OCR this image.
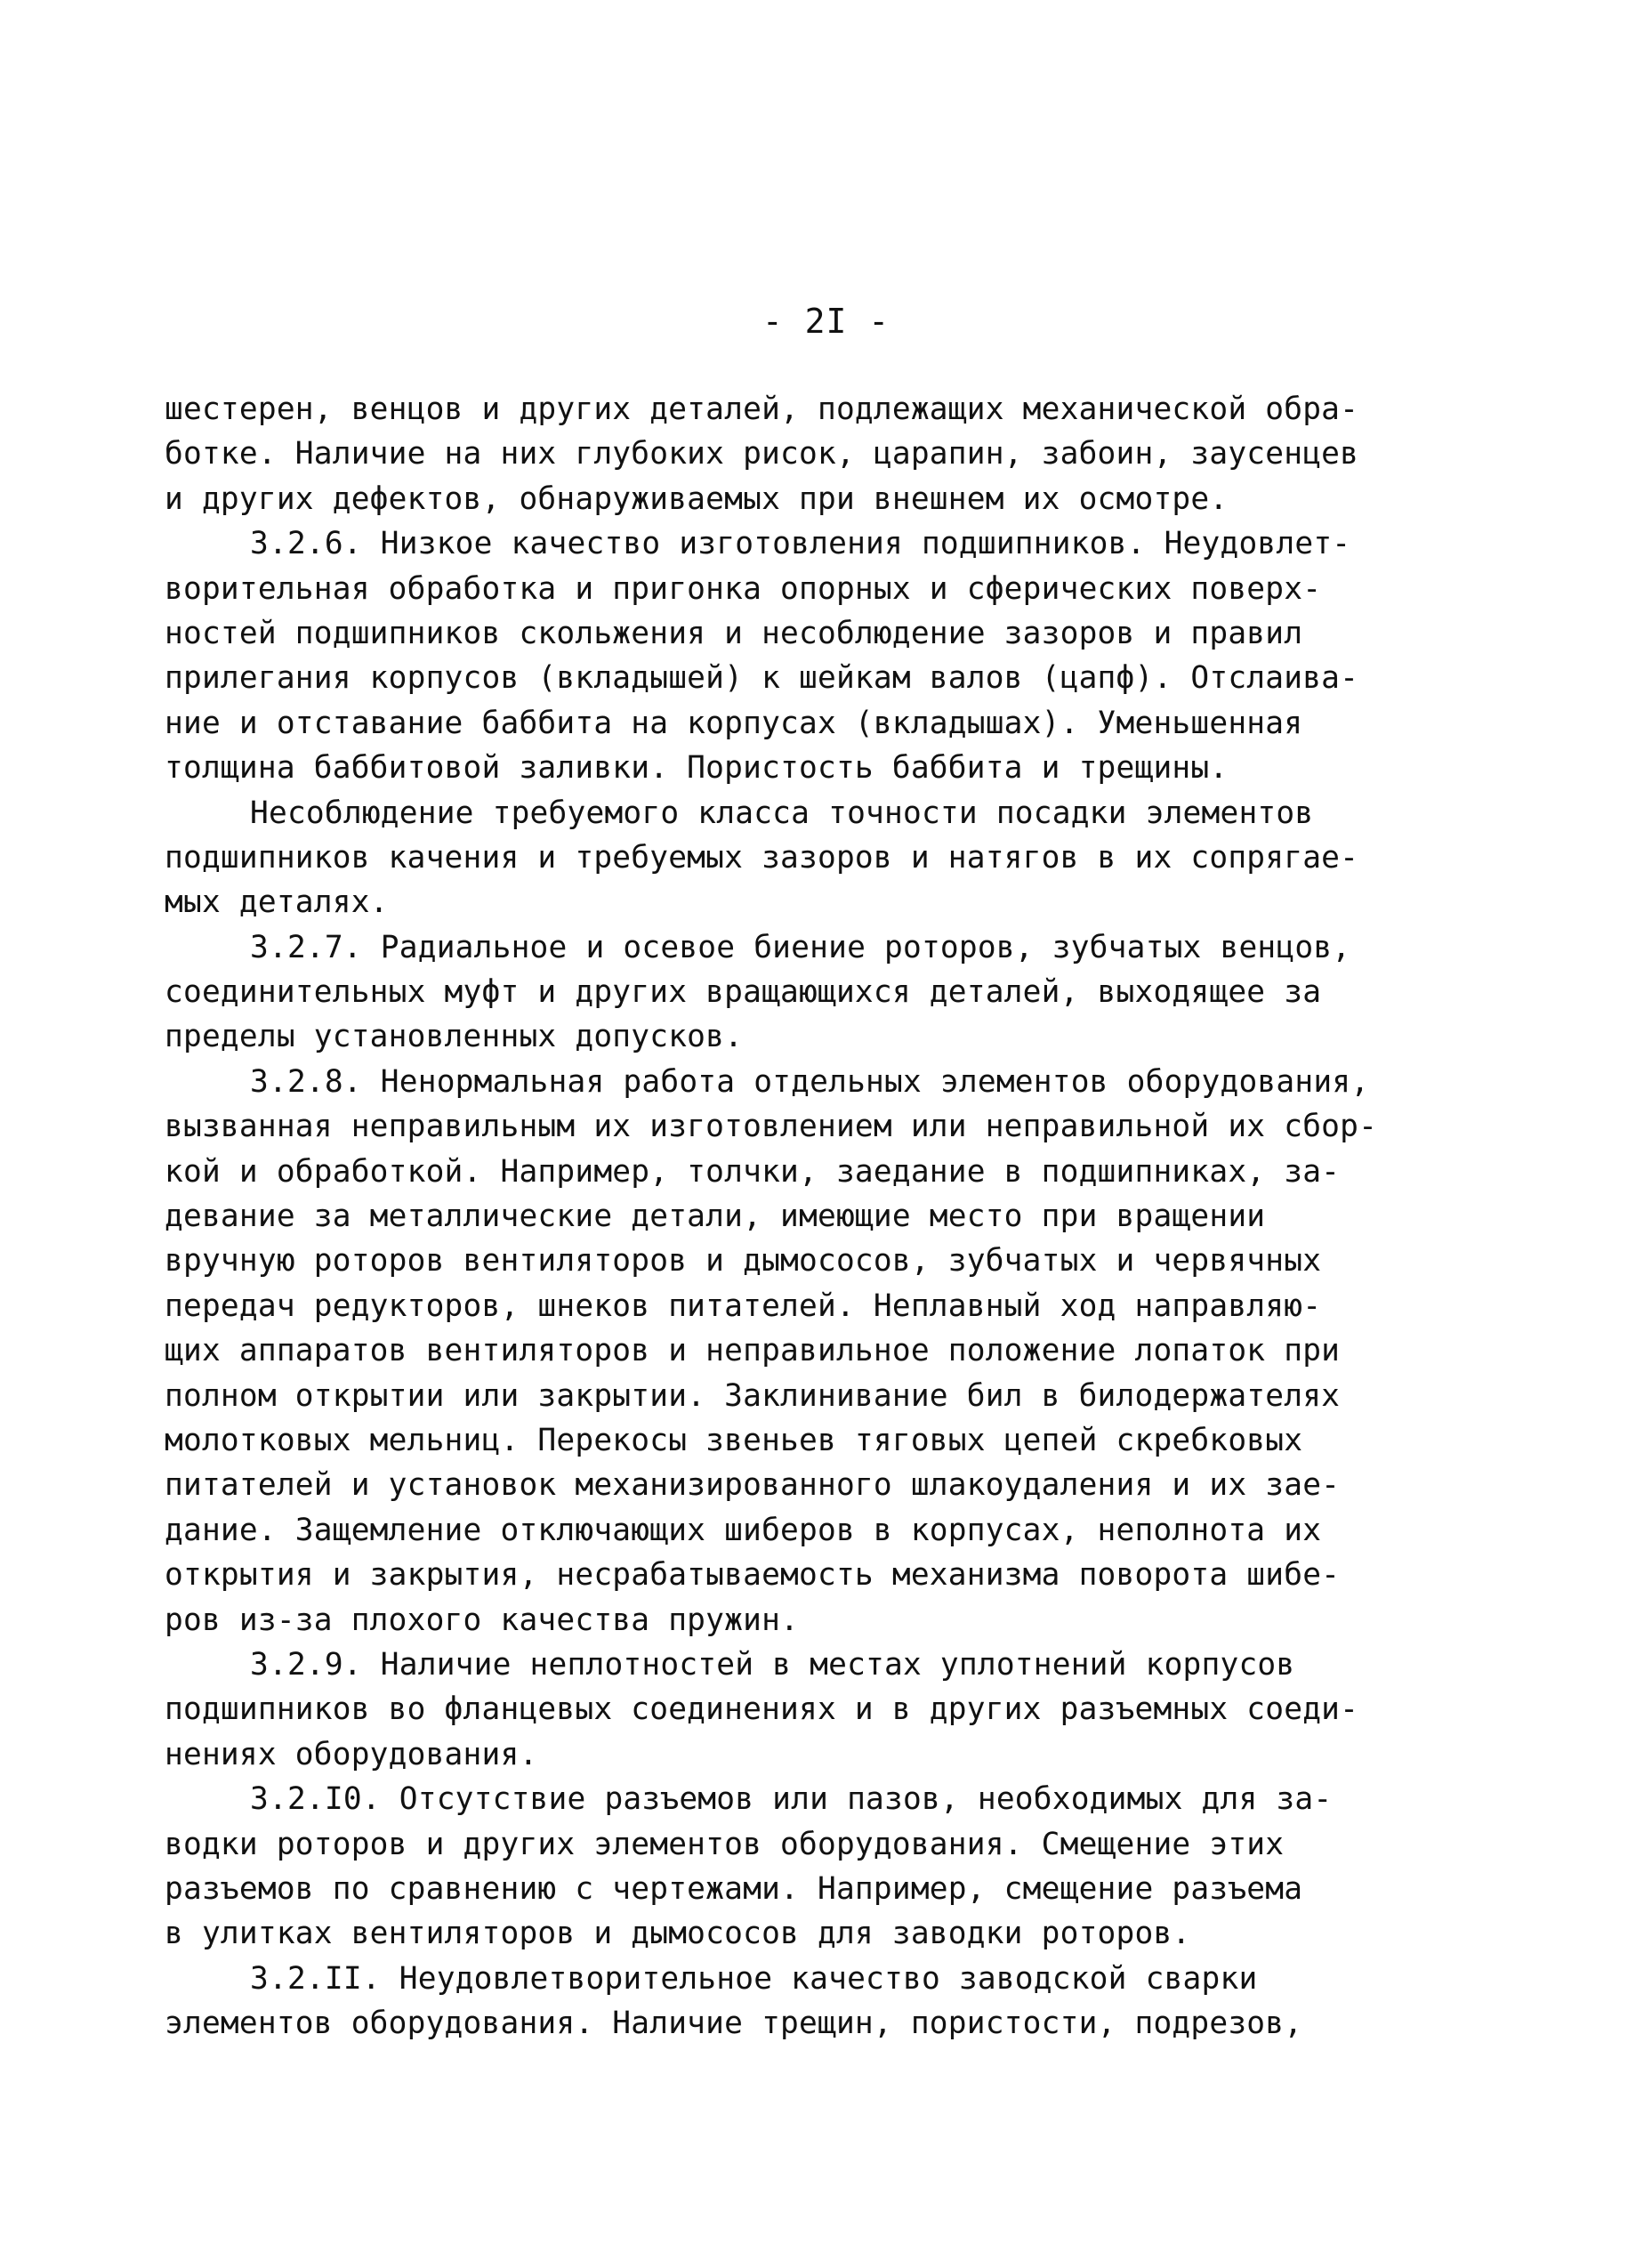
- 2I -
шестерен, венцов и других деталей, подлежащих механической обра-
ботке. Наличие на них глубоких рисок, царапин, забоин, заусенцев
и других дефектов, обнаруживаемых при внешнем их осмотре.
3.2.6. Низкое качество изготовления подшипников. Неудовлет-
ворительная обработка и пригонка опорных и сферических поверх-
ностей подшипников скольжения и несоблюдение зазоров и правил
прилегания корпусов (вкладышей) к шейкам валов (цапф). Отслаива-
ние и отставание баббита на корпусах (вкладышах). Уменьшенная
толщина баббитовой заливки. Пористость баббита и трещины.
Несоблюдение требуемого класса точности посадки элементов
подшипников качения и требуемых зазоров и натягов в их сопрягае-
мых деталях.
3.2.7. Радиальное и осевое биение роторов, зубчатых венцов,
соединительных муфт и других вращающихся деталей, выходящее за
пределы установленных допусков.
3.2.8. Ненормальная работа отдельных элементов оборудования,
вызванная неправильным их изготовлением или неправильной их сбор-
кой и обработкой. Например, толчки, заедание в подшипниках, за-
девание за металлические детали, имеющие место при вращении
вручную роторов вентиляторов и дымососов, зубчатых и червячных
передач редукторов, шнеков питателей. Неплавный ход направляю-
щих аппаратов вентиляторов и неправильное положение лопаток при
полном открытии или закрытии. Заклинивание бил в билодержателях
молотковых мельниц. Перекосы звеньев тяговых цепей скребковых
питателей и установок механизированного шлакоудаления и их зае-
дание. Защемление отключающих шиберов в корпусах, неполнота их
открытия и закрытия, несрабатываемость механизма поворота шибе-
ров из-за плохого качества пружин.
3.2.9. Наличие неплотностей в местах уплотнений корпусов
подшипников во фланцевых соединениях и в других разъемных соеди-
нениях оборудования.
3.2.I0. Отсутствие разъемов или пазов, необходимых для за-
водки роторов и других элементов оборудования. Смещение этих
разъемов по сравнению с чертежами. Например, смещение разъема
в улитках вентиляторов и дымососов для заводки роторов.
3.2.II. Неудовлетворительное качество заводской сварки
элементов оборудования. Наличие трещин, пористости, подрезов,
